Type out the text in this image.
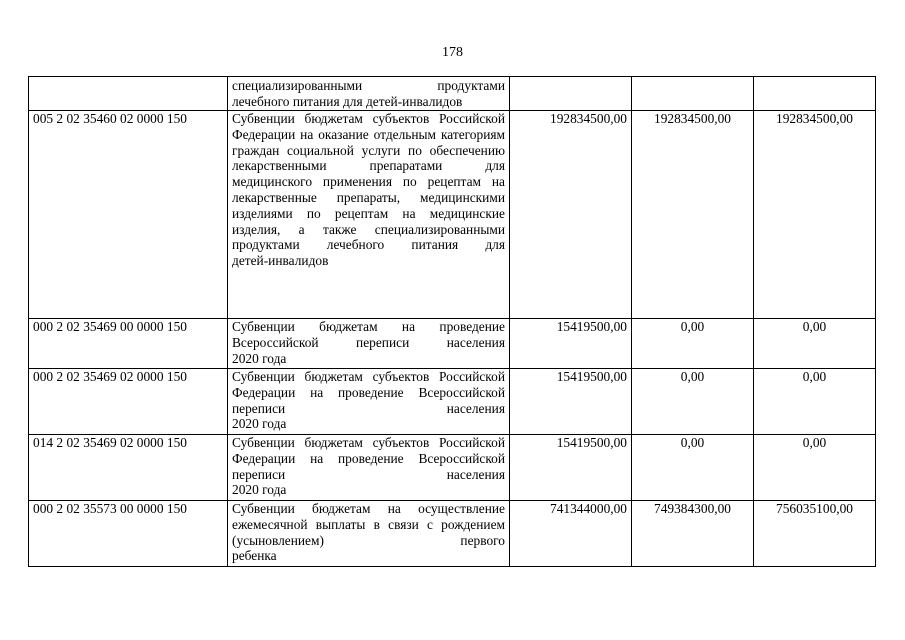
178
	специализированными продуктами
лечебного питания для детей-инвалидов			

005 2 02 35460 02 0000 150	Субвенции бюджетам субъектов Российской Федерации на оказание отдельным категориям граждан социальной услуги по обеспечению лекарственными препаратами для медицинского применения по рецептам на лекарственные препараты, медицинскими изделиями по рецептам на медицинские изделия, а также специализированными продуктами лечебного питания для
детей-инвалидов	192834500,00	192834500,00	192834500,00
000 2 02 35469 00 0000 150	Субвенции бюджетам на проведение Всероссийской переписи населения
2020 года	15419500,00	0,00	0,00
000 2 02 35469 02 0000 150	Субвенции бюджетам субъектов Российской Федерации на проведение Всероссийской переписи населения
2020 года	15419500,00	0,00	0,00
014 2 02 35469 02 0000 150	Субвенции бюджетам субъектов Российской Федерации на проведение Всероссийской переписи населения
2020 года	15419500,00	0,00	0,00
000 2 02 35573 00 0000 150	Субвенции бюджетам на осуществление ежемесячной выплаты в связи с рождением (усыновлением) первого
ребенка	741344000,00	749384300,00	756035100,00
